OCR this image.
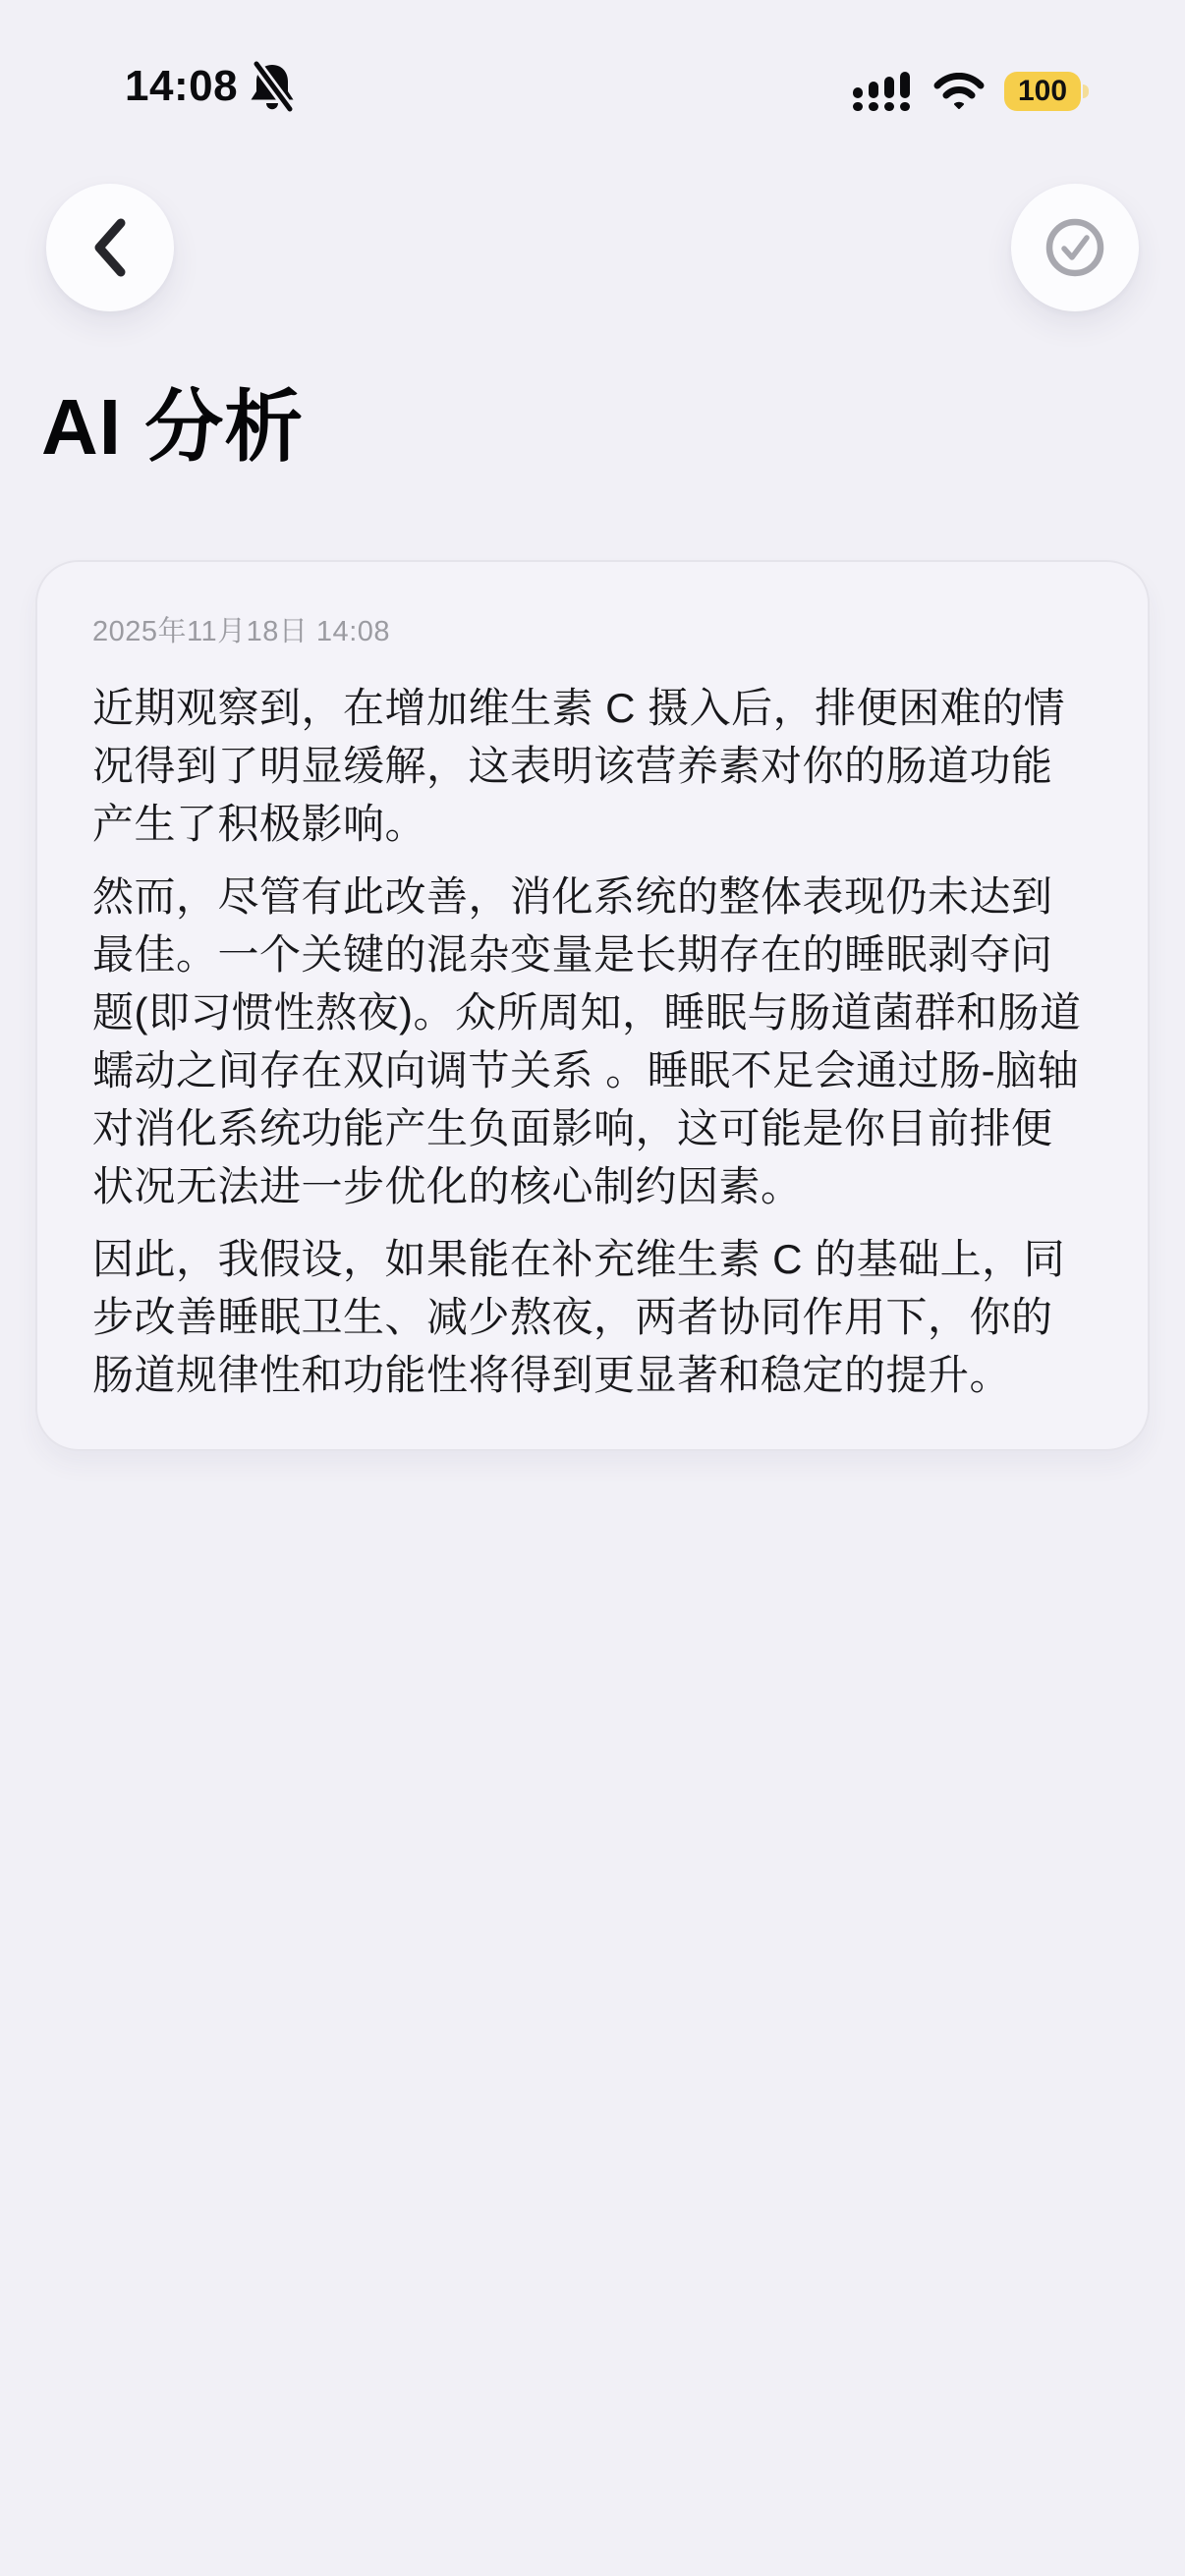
14:08	100
AI 分析
2025年11月18日 14:08

近期观察到，在增加维生素 C 摄入后，排便困难的情况得到了明显缓解，这表明该营养素对你的肠道功能产生了积极影响。

然而，尽管有此改善，消化系统的整体表现仍未达到最佳。一个关键的混杂变量是长期存在的睡眠剥夺问题(即习惯性熬夜)。众所周知，睡眠与肠道菌群和肠道蠕动之间存在双向调节关系 。睡眠不足会通过肠-脑轴对消化系统功能产生负面影响，这可能是你目前排便状况无法进一步优化的核心制约因素。

因此，我假设，如果能在补充维生素 C 的基础上，同步改善睡眠卫生、减少熬夜，两者协同作用下，你的肠道规律性和功能性将得到更显著和稳定的提升。
